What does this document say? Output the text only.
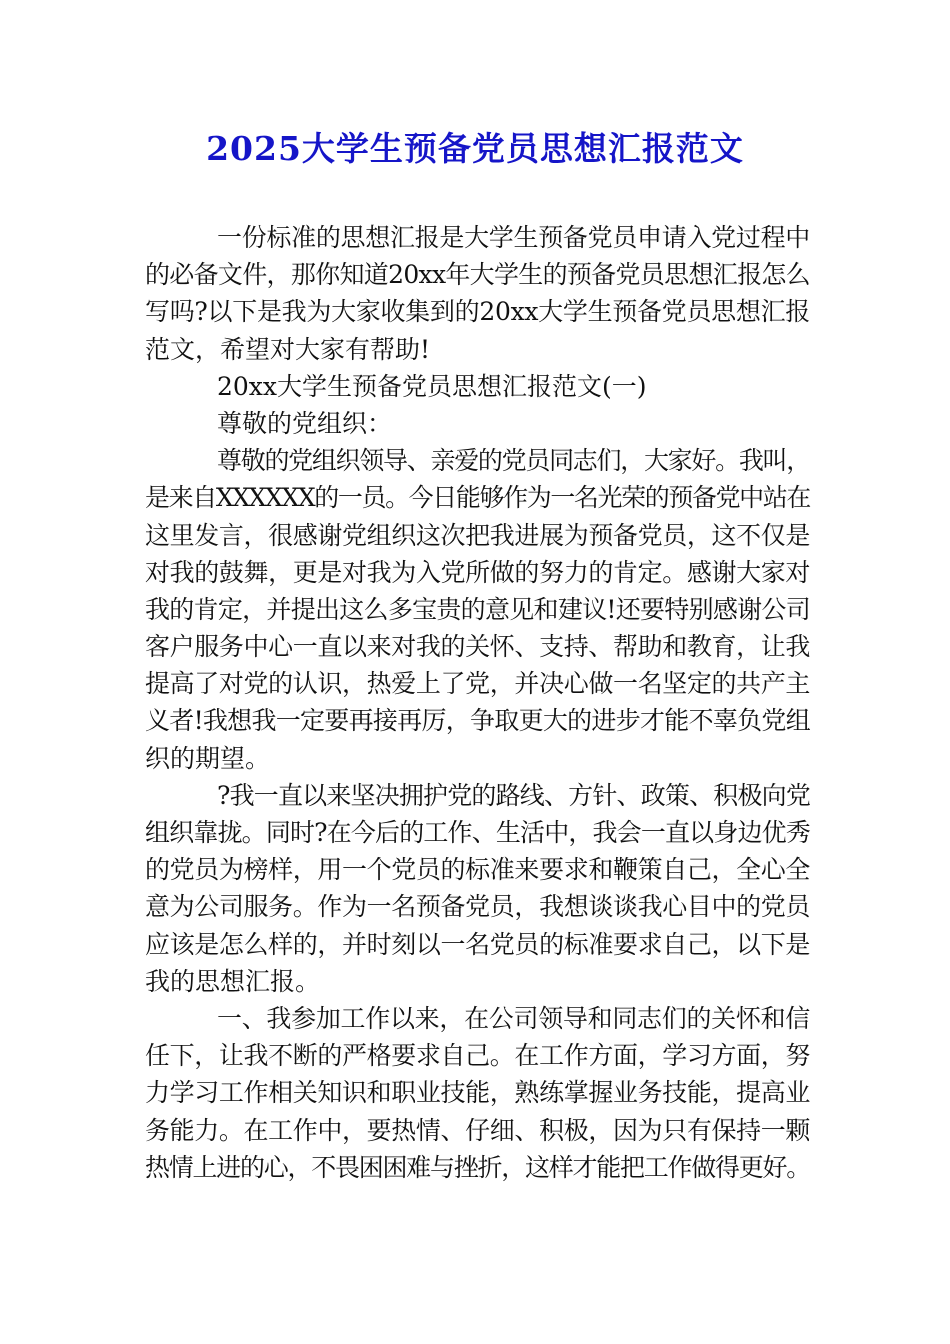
2025大学生预备党员思想汇报范文
一份标准的思想汇报是大学生预备党员申请入党过程中
的必备文件，那你知道20xx年大学生的预备党员思想汇报怎么
写吗?以下是我为大家收集到的20xx大学生预备党员思想汇报
范文，希望对大家有帮助!
20xx大学生预备党员思想汇报范文(一)
尊敬的党组织：
尊敬的党组织领导、亲爱的党员同志们，大家好。我叫，
是来自XXXXXX的一员。今日能够作为一名光荣的预备党中站在
这里发言，很感谢党组织这次把我进展为预备党员，这不仅是
对我的鼓舞，更是对我为入党所做的努力的肯定。感谢大家对
我的肯定，并提出这么多宝贵的意见和建议!还要特别感谢公司
客户服务中心一直以来对我的关怀、支持、帮助和教育，让我
提高了对党的认识，热爱上了党，并决心做一名坚定的共产主
义者!我想我一定要再接再厉，争取更大的进步才能不辜负党组
织的期望。
?我一直以来坚决拥护党的路线、方针、政策、积极向党
组织靠拢。同时?在今后的工作、生活中，我会一直以身边优秀
的党员为榜样，用一个党员的标准来要求和鞭策自己，全心全
意为公司服务。作为一名预备党员，我想谈谈我心目中的党员
应该是怎么样的，并时刻以一名党员的标准要求自己，以下是
我的思想汇报。
一、我参加工作以来，在公司领导和同志们的关怀和信
任下，让我不断的严格要求自己。在工作方面，学习方面，努
力学习工作相关知识和职业技能，熟练掌握业务技能，提高业
务能力。在工作中，要热情、仔细、积极，因为只有保持一颗
热情上进的心，不畏困困难与挫折，这样才能把工作做得更好。
